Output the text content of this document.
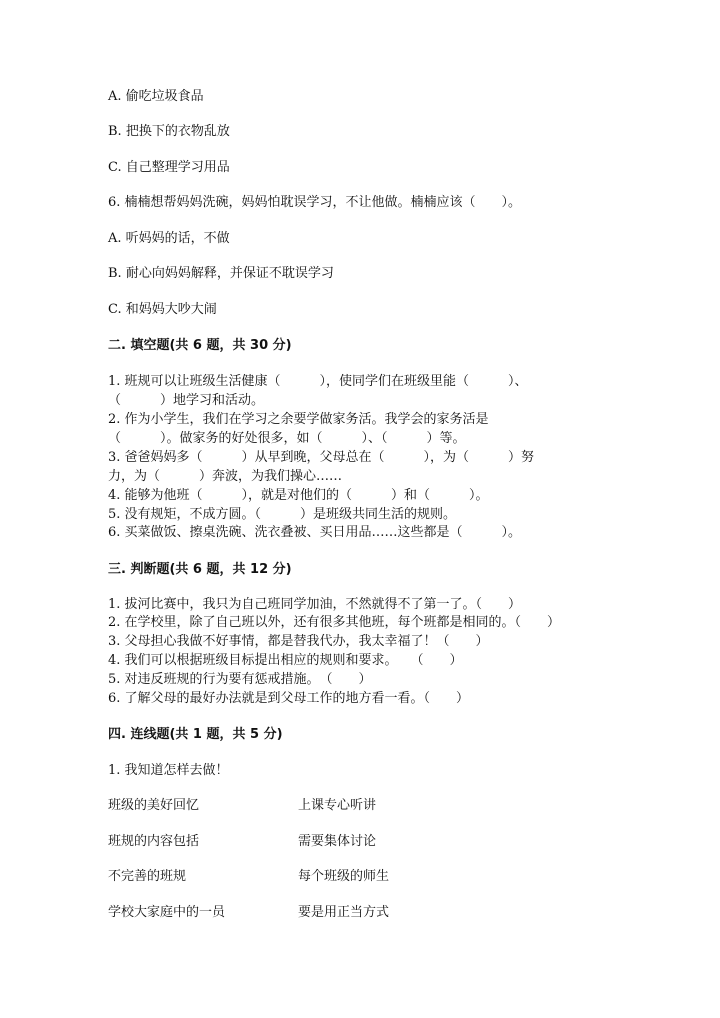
A. 偷吃垃圾食品
B. 把换下的衣物乱放
C. 自己整理学习用品
6. 楠楠想帮妈妈洗碗，妈妈怕耽误学习，不让他做。楠楠应该（　　）。
A. 听妈妈的话，不做
B. 耐心向妈妈解释，并保证不耽误学习
C. 和妈妈大吵大闹
二. 填空题(共 6 题，共 30 分)
1. 班规可以让班级生活健康（　　　），使同学们在班级里能（　　　）、
（　　　）地学习和活动。
2. 作为小学生，我们在学习之余要学做家务活。我学会的家务活是
（　　　）。做家务的好处很多，如（　　　）、（　　　）等。
3. 爸爸妈妈多（　　　）从早到晚，父母总在（　　　），为（　　　）努
力，为（　　　）奔波，为我们操心……
4. 能够为他班（　　　），就是对他们的（　　　）和（　　　）。
5. 没有规矩，不成方圆。（　　　）是班级共同生活的规则。
6. 买菜做饭、擦桌洗碗、洗衣叠被、买日用品……这些都是（　　　）。
三. 判断题(共 6 题，共 12 分)
1. 拔河比赛中，我只为自己班同学加油，不然就得不了第一了。（　　）
2. 在学校里，除了自己班以外，还有很多其他班，每个班都是相同的。（　　）
3. 父母担心我做不好事情，都是替我代办，我太幸福了！（　　）
4. 我们可以根据班级目标提出相应的规则和要求。　　（　　）
5. 对违反班规的行为要有惩戒措施。　（　　）
6. 了解父母的最好办法就是到父母工作的地方看一看。（　　）
四. 连线题(共 1 题，共 5 分)
1. 我知道怎样去做！
班级的美好回忆	上课专心听讲
班规的内容包括	需要集体讨论
不完善的班规	每个班级的师生
学校大家庭中的一员	要是用正当方式
